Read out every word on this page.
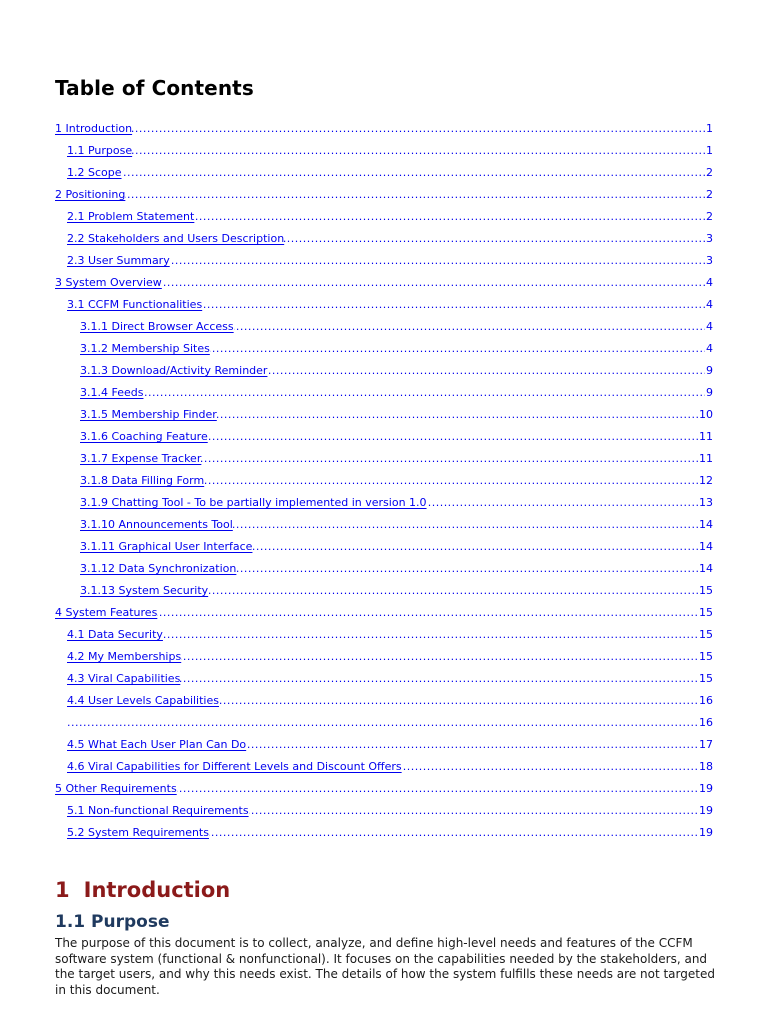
Table of Contents
.....
1 Introduction	1
.....
1.1 Purpose	1
.....
1.2 Scope	2
.....
2 Positioning	2
.....
2.1 Problem Statement	2
.....
2.2 Stakeholders and Users Description	3
.....
2.3 User Summary	3
.....
3 System Overview	4
.....
3.1 CCFM Functionalities	4
.....
3.1.1 Direct Browser Access	4
.....
3.1.2 Membership Sites	4
.....
3.1.3 Download/Activity Reminder	9
.....
3.1.4 Feeds	9
.....
3.1.5 Membership Finder	10
.....
3.1.6 Coaching Feature	11
.....
3.1.7 Expense Tracker	11
.....
3.1.8 Data Filling Form	12
.....
3.1.9 Chatting Tool - To be partially implemented in version 1.0	13
.....
3.1.10 Announcements Tool	14
.....
3.1.11 Graphical User Interface	14
.....
3.1.12 Data Synchronization	14
.....
3.1.13 System Security	15
.....
4 System Features	15
.....
4.1 Data Security	15
.....
4.2 My Memberships	15
.....
4.3 Viral Capabilities	15
.....
4.4 User Levels Capabilities	16
.....
16
.....
4.5 What Each User Plan Can Do	17
.....
4.6 Viral Capabilities for Different Levels and Discount Offers	18
.....
5 Other Requirements	19
.....
5.1 Non-functional Requirements	19
.....
5.2 System Requirements	19
1 Introduction
1.1 Purpose

The purpose of this document is to collect, analyze, and define high-level needs and features of the CCFM software system (functional & nonfunctional). It focuses on the capabilities needed by the stakeholders, and the target users, and why this needs exist. The details of how the system fulfills these needs are not targeted in this document.
